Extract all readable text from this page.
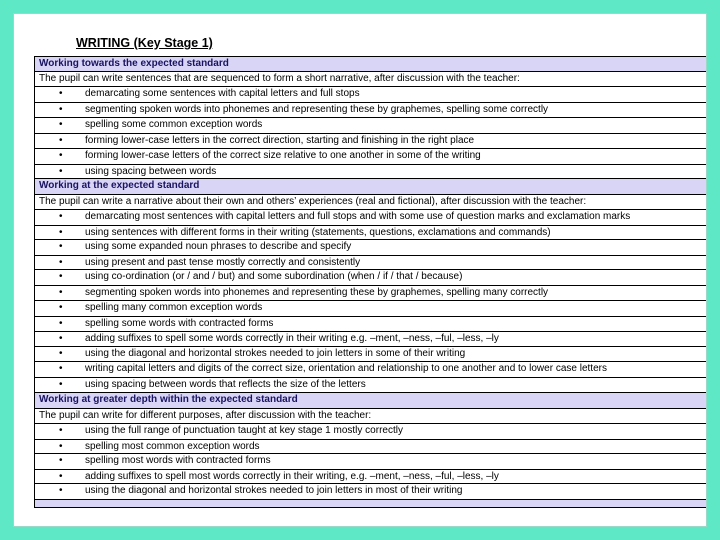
WRITING (Key Stage 1)
Working towards the expected standard
The pupil can write sentences that are sequenced to form a short narrative, after discussion with the teacher:
• demarcating some sentences with capital letters and full stops
• segmenting spoken words into phonemes and representing these by graphemes, spelling some correctly
• spelling some common exception words
• forming lower-case letters in the correct direction, starting and finishing in the right place
• forming lower-case letters of the correct size relative to one another in some of the writing
• using spacing between words
Working at the expected standard
The pupil can write a narrative about their own and others’ experiences (real and fictional), after discussion with the teacher:
• demarcating most sentences with capital letters and full stops and with some use of question marks and exclamation marks
• using sentences with different forms in their writing (statements, questions, exclamations and commands)
• using some expanded noun phrases to describe and specify
• using present and past tense mostly correctly and consistently
• using co-ordination (or / and / but) and some subordination (when / if / that / because)
• segmenting spoken words into phonemes and representing these by graphemes, spelling many correctly
• spelling many common exception words
• spelling some words with contracted forms
• adding suffixes to spell some words correctly in their writing e.g. –ment, –ness, –ful, –less, –ly
• using the diagonal and horizontal strokes needed to join letters in some of their writing
• writing capital letters and digits of the correct size, orientation and relationship to one another and to lower case letters
• using spacing between words that reflects the size of the letters
Working at greater depth within the expected standard
The pupil can write for different purposes, after discussion with the teacher:
• using the full range of punctuation taught at key stage 1 mostly correctly
• spelling most common exception words
• spelling most words with contracted forms
• adding suffixes to spell most words correctly in their writing, e.g. –ment, –ness, –ful, –less, –ly
• using the diagonal and horizontal strokes needed to join letters in most of their writing
